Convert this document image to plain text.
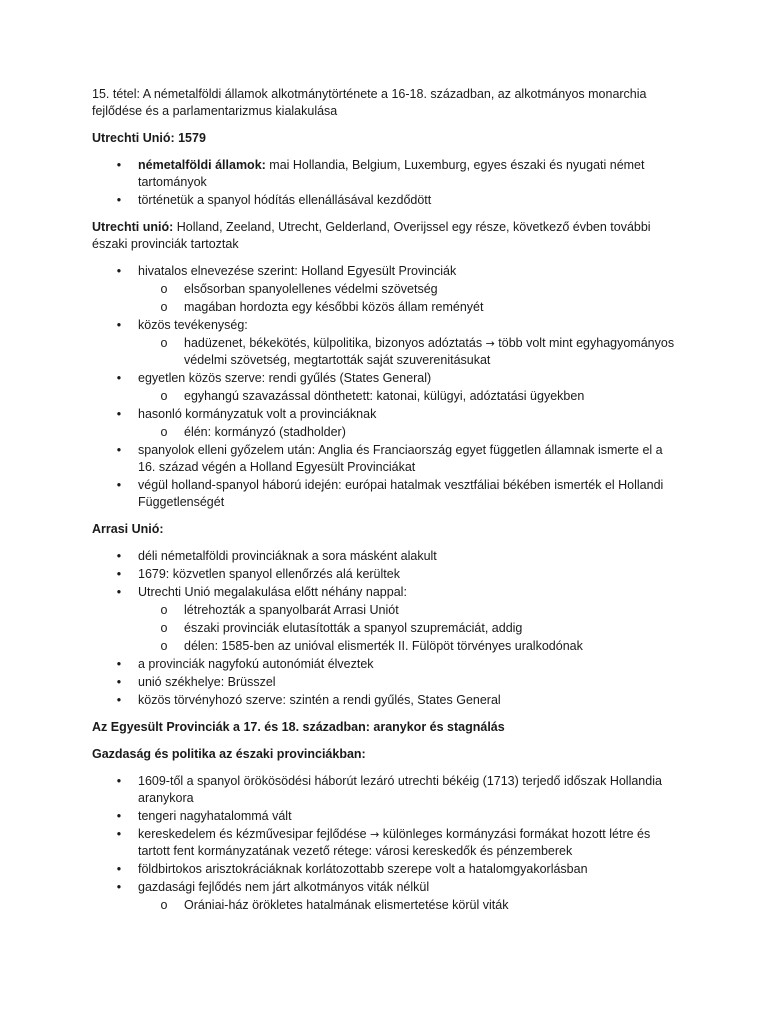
15. tétel: A németalföldi államok alkotmánytörténete a 16-18. században, az alkotmányos monarchia fejlődése és a parlamentarizmus kialakulása

Utrechti Unió: 1579

• németalföldi államok: mai Hollandia, Belgium, Luxemburg, egyes északi és nyugati német tartományok
• történetük a spanyol hódítás ellenállásával kezdődött

Utrechti unió: Holland, Zeeland, Utrecht, Gelderland, Overijssel egy része, következő évben további északi provinciák tartoztak

• hivatalos elnevezése szerint: Holland Egyesült Provinciák
o elsősorban spanyolellenes védelmi szövetség
o magában hordozta egy későbbi közös állam reményét
• közös tevékenység:
o hadüzenet, békekötés, külpolitika, bizonyos adóztatás → több volt mint egyhagyományos védelmi szövetség, megtartották saját szuverenitásukat
• egyetlen közös szerve: rendi gyűlés (States General)
o egyhangú szavazással dönthetett: katonai, külügyi, adóztatási ügyekben
• hasonló kormányzatuk volt a provinciáknak
o élén: kormányzó (stadholder)
• spanyolok elleni győzelem után: Anglia és Franciaország egyet független államnak ismerte el a 16. század végén a Holland Egyesült Provinciákat
• végül holland-spanyol háború idején: európai hatalmak vesztfáliai békében ismerték el Hollandi Függetlenségét

Arrasi Unió:

• déli németalföldi provinciáknak a sora másként alakult
• 1679: közvetlen spanyol ellenőrzés alá kerültek
• Utrechti Unió megalakulása előtt néhány nappal:
o létrehozták a spanyolbarát Arrasi Uniót
o északi provinciák elutasították a spanyol szupremáciát, addig
o délen: 1585-ben az unióval elismerték II. Fülöpöt törvényes uralkodónak
• a provinciák nagyfokú autonómiát élveztek
• unió székhelye: Brüsszel
• közös törvényhozó szerve: szintén a rendi gyűlés, States General

Az Egyesült Provinciák a 17. és 18. században: aranykor és stagnálás

Gazdaság és politika az északi provinciákban:

• 1609-től a spanyol örökösödési háborút lezáró utrechti békéig (1713) terjedő időszak Hollandia aranykora
• tengeri nagyhatalommá vált
• kereskedelem és kézművesipar fejlődése → különleges kormányzási formákat hozott létre és tartott fent kormányzatának vezető rétege: városi kereskedők és pénzemberek
• földbirtokos arisztokráciáknak korlátozottabb szerepe volt a hatalomgyakorlásban
• gazdasági fejlődés nem járt alkotmányos viták nélkül
o Orániai-ház örökletes hatalmának elismertetése körül viták
